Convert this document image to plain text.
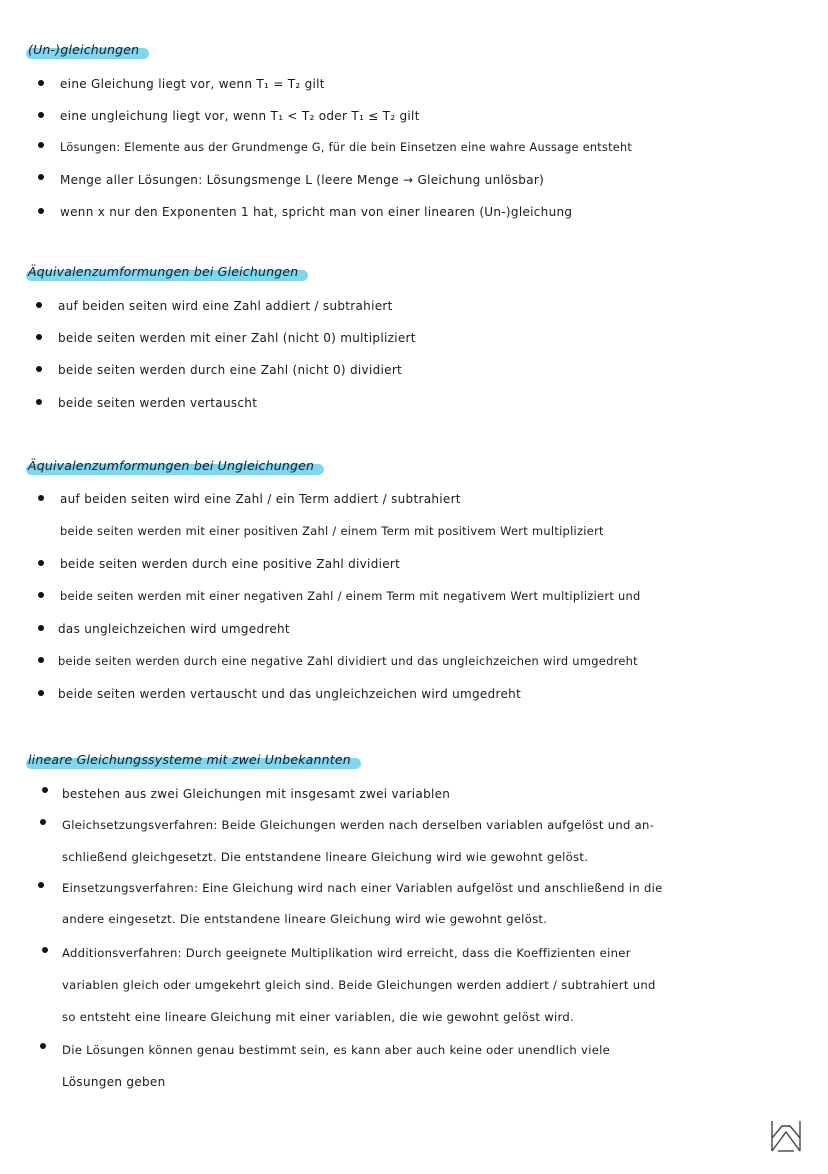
(Un-)gleichungen
eine Gleichung liegt vor, wenn T₁ = T₂ gilt
eine ungleichung liegt vor, wenn T₁ < T₂ oder T₁ ≤ T₂ gilt
Lösungen: Elemente aus der Grundmenge G, für die bein Einsetzen eine wahre Aussage entsteht
Menge aller Lösungen: Lösungsmenge L (leere Menge → Gleichung unlösbar)
wenn x nur den Exponenten 1 hat, spricht man von einer linearen (Un-)gleichung
Äquivalenzumformungen bei Gleichungen
auf beiden seiten wird eine Zahl addiert / subtrahiert
beide seiten werden mit einer Zahl (nicht 0) multipliziert
beide seiten werden durch eine Zahl (nicht 0) dividiert
beide seiten werden vertauscht
Äquivalenzumformungen bei Ungleichungen
auf beiden seiten wird eine Zahl / ein Term addiert / subtrahiert
beide seiten werden mit einer positiven Zahl / einem Term mit positivem Wert multipliziert
beide seiten werden durch eine positive Zahl dividiert
beide seiten werden mit einer negativen Zahl / einem Term mit negativem Wert multipliziert und
das ungleichzeichen wird umgedreht
beide seiten werden durch eine negative Zahl dividiert und das ungleichzeichen wird umgedreht
beide seiten werden vertauscht und das ungleichzeichen wird umgedreht
lineare Gleichungssysteme mit zwei Unbekannten
bestehen aus zwei Gleichungen mit insgesamt zwei variablen
Gleichsetzungsverfahren: Beide Gleichungen werden nach derselben variablen aufgelöst und an-
schließend gleichgesetzt. Die entstandene lineare Gleichung wird wie gewohnt gelöst.
Einsetzungsverfahren: Eine Gleichung wird nach einer Variablen aufgelöst und anschließend in die
andere eingesetzt. Die entstandene lineare Gleichung wird wie gewohnt gelöst.
Additionsverfahren: Durch geeignete Multiplikation wird erreicht, dass die Koeffizienten einer
variablen gleich oder umgekehrt gleich sind. Beide Gleichungen werden addiert / subtrahiert und
so entsteht eine lineare Gleichung mit einer variablen, die wie gewohnt gelöst wird.
Die Lösungen können genau bestimmt sein, es kann aber auch keine oder unendlich viele
Lösungen geben
